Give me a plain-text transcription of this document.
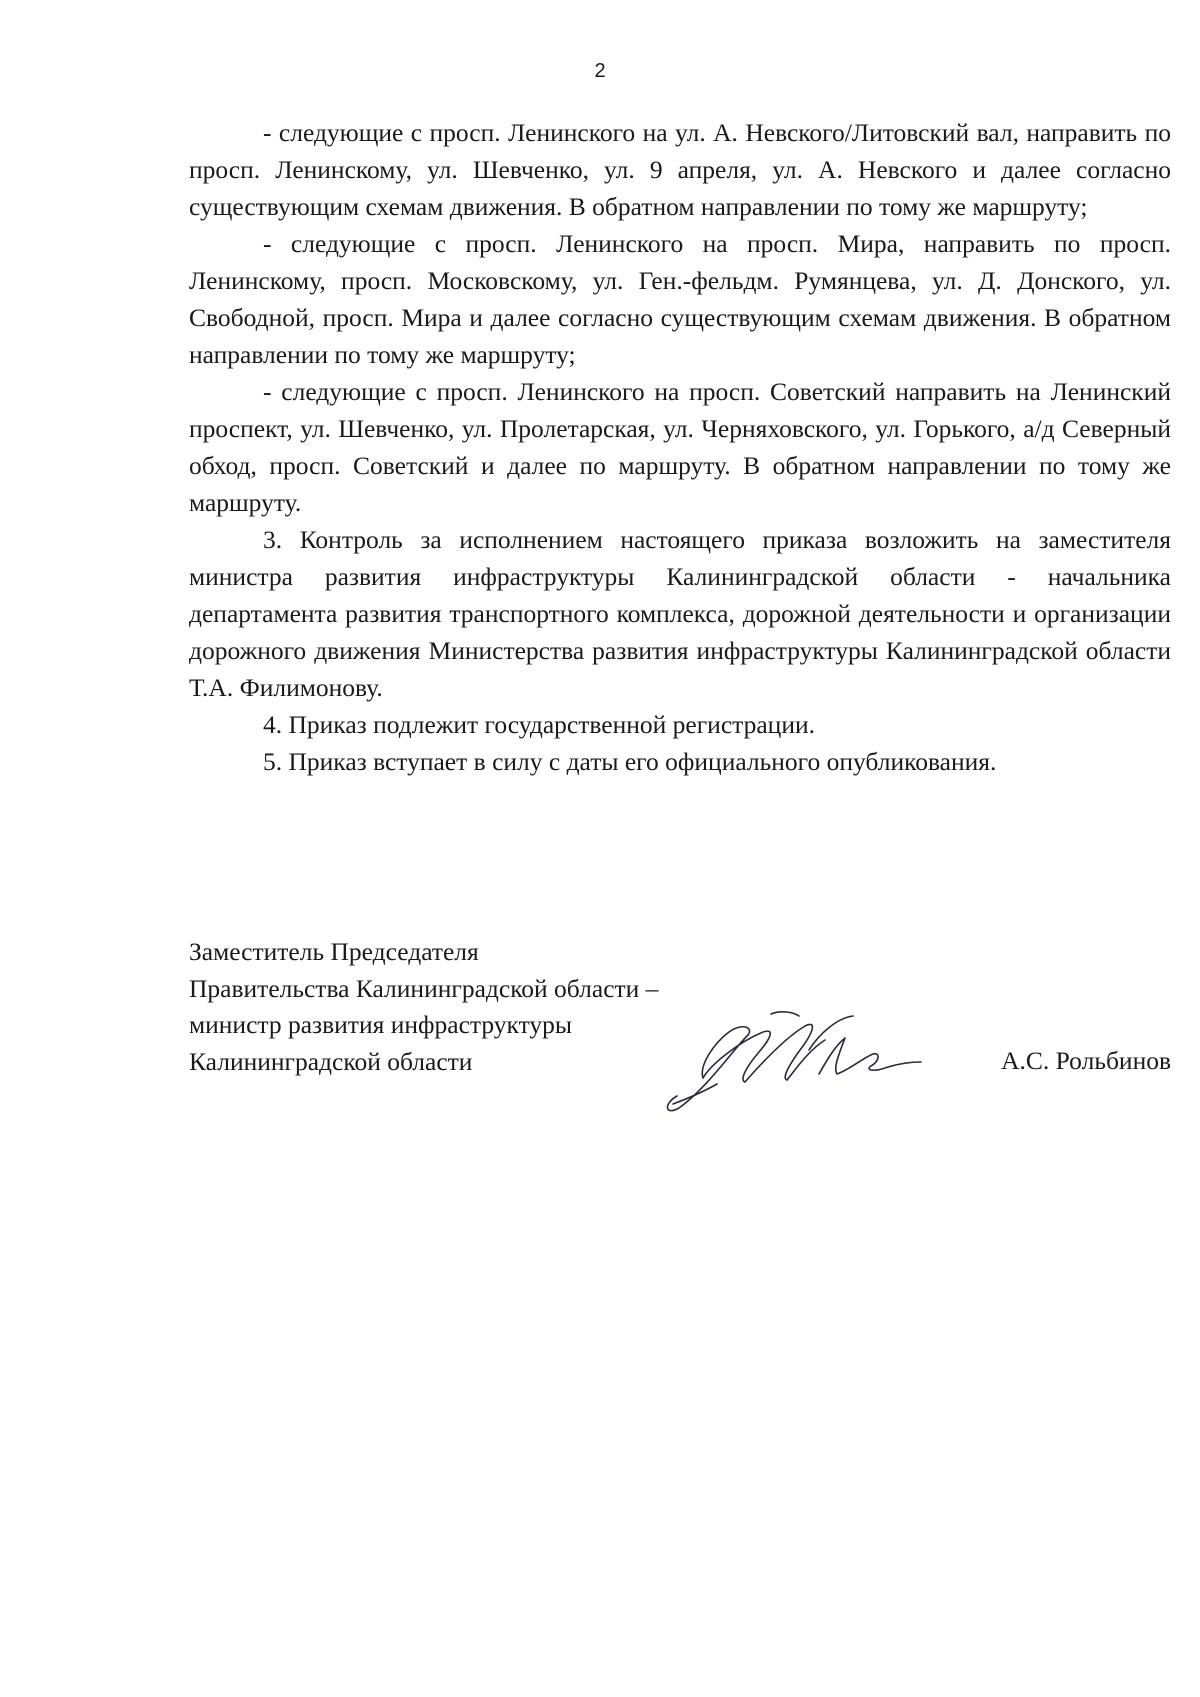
2

- следующие с просп. Ленинского на ул. А. Невского/Литовский вал, направить по просп. Ленинскому, ул. Шевченко, ул. 9 апреля, ул. А. Невского и далее согласно существующим схемам движения. В обратном направлении по тому же маршруту;

- следующие с просп. Ленинского на просп. Мира, направить по просп. Ленинскому, просп. Московскому, ул. Ген.-фельдм. Румянцева, ул. Д. Донского, ул. Свободной, просп. Мира и далее согласно существующим схемам движения. В обратном направлении по тому же маршруту;

- следующие с просп. Ленинского на просп. Советский направить на Ленинский проспект, ул. Шевченко, ул. Пролетарская, ул. Черняховского, ул. Горького, а/д Северный обход, просп. Советский и далее по маршруту. В обратном направлении по тому же маршруту.

3. Контроль за исполнением настоящего приказа возложить на заместителя министра развития инфраструктуры Калининградской области - начальника департамента развития транспортного комплекса, дорожной деятельности и организации дорожного движения Министерства развития инфраструктуры Калининградской области Т.А. Филимонову.

4. Приказ подлежит государственной регистрации.

5. Приказ вступает в силу с даты его официального опубликования.

Заместитель Председателя
Правительства Калининградской области –
министр развития инфраструктуры
Калининградской области	А.С. Рольбинов
